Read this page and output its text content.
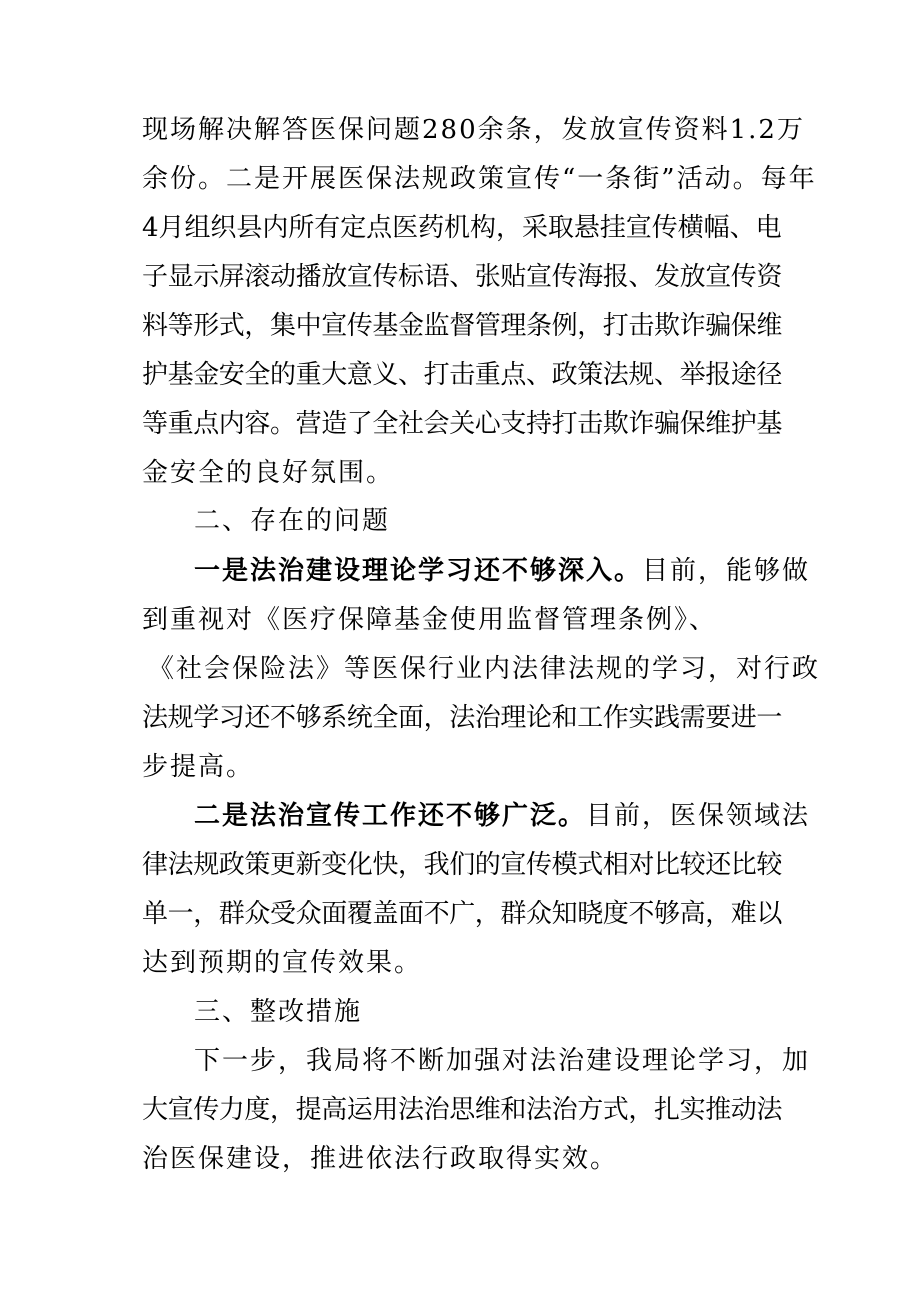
现场解决解答医保问题280余条，发放宣传资料1.2万
余份。二是开展医保法规政策宣传“一条街”活动。每年
4月组织县内所有定点医药机构，采取悬挂宣传横幅、电
子显示屏滚动播放宣传标语、张贴宣传海报、发放宣传资
料等形式，集中宣传基金监督管理条例，打击欺诈骗保维
护基金安全的重大意义、打击重点、政策法规、举报途径
等重点内容。营造了全社会关心支持打击欺诈骗保维护基
金安全的良好氛围。
二、存在的问题
一是法治建设理论学习还不够深入。目前，能够做
到重视对《医疗保障基金使用监督管理条例》、
《社会保险法》等医保行业内法律法规的学习，对行政
法规学习还不够系统全面，法治理论和工作实践需要进一
步提高。
二是法治宣传工作还不够广泛。目前，医保领域法
律法规政策更新变化快，我们的宣传模式相对比较还比较
单一，群众受众面覆盖面不广，群众知晓度不够高，难以
达到预期的宣传效果。
三、整改措施
下一步，我局将不断加强对法治建设理论学习，加
大宣传力度，提高运用法治思维和法治方式，扎实推动法
治医保建设，推进依法行政取得实效。
